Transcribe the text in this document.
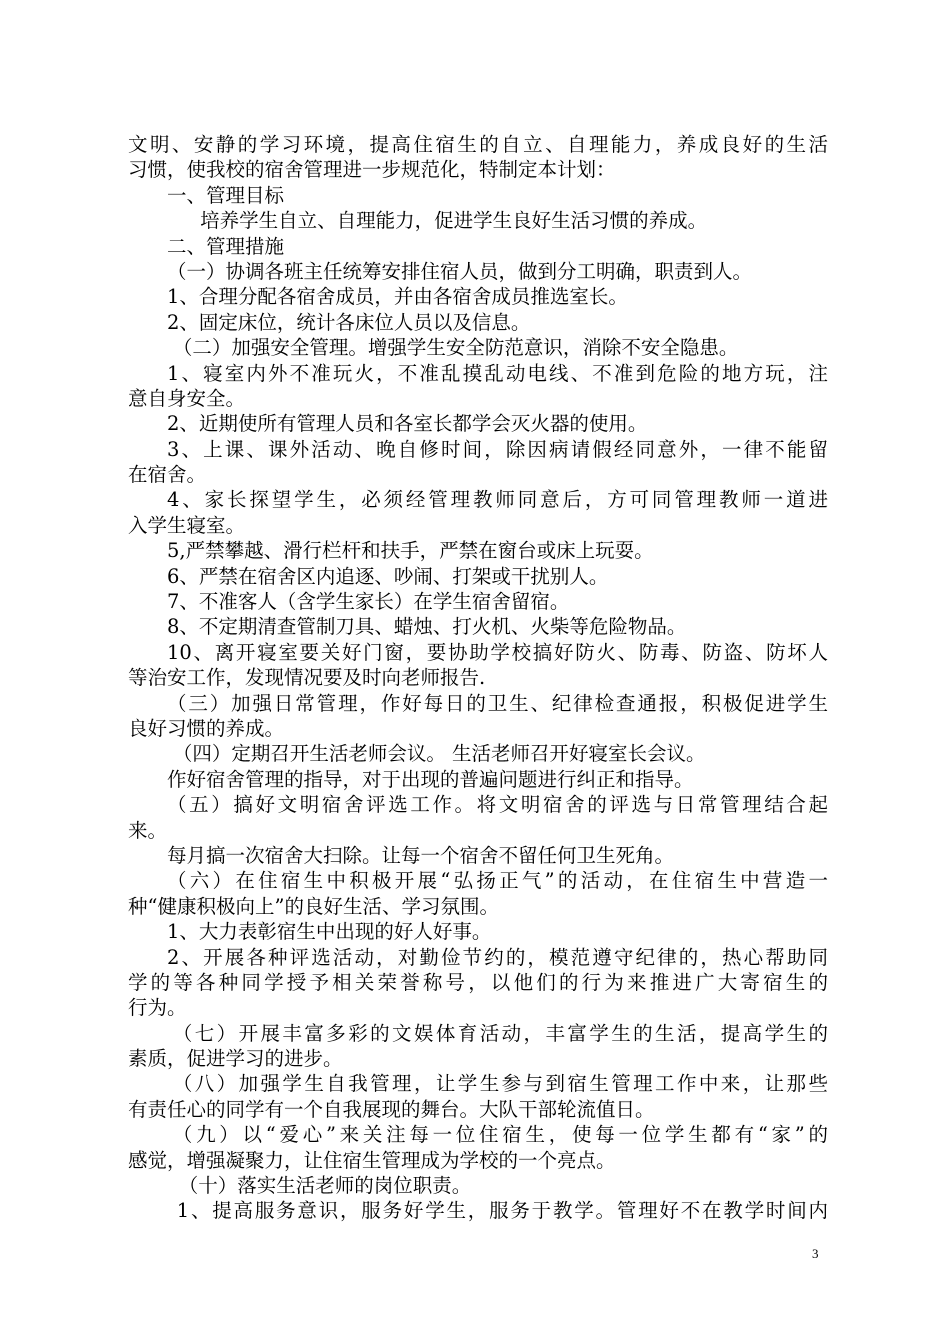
文明、安静的学习环境，提高住宿生的自立、自理能力，养成良好的生活
习惯，使我校的宿舍管理进一步规范化，特制定本计划：
一、管理目标
培养学生自立、自理能力，促进学生良好生活习惯的养成。
二、管理措施
（一）协调各班主任统筹安排住宿人员，做到分工明确，职责到人。
1、合理分配各宿舍成员，并由各宿舍成员推选室长。
2、固定床位，统计各床位人员以及信息。
（二）加强安全管理。增强学生安全防范意识，消除不安全隐患。
1、寝室内外不准玩火，不准乱摸乱动电线、不准到危险的地方玩，注
意自身安全。
2、近期使所有管理人员和各室长都学会灭火器的使用。
3、上课、课外活动、晚自修时间，除因病请假经同意外，一律不能留
在宿舍。
4、家长探望学生，必须经管理教师同意后，方可同管理教师一道进
入学生寝室。
5,严禁攀越、滑行栏杆和扶手，严禁在窗台或床上玩耍。
6、严禁在宿舍区内追逐、吵闹、打架或干扰别人。
7、不准客人（含学生家长）在学生宿舍留宿。
8、不定期清查管制刀具、蜡烛、打火机、火柴等危险物品。
10、离开寝室要关好门窗，要协助学校搞好防火、防毒、防盗、防坏人
等治安工作，发现情况要及时向老师报告.
（三）加强日常管理，作好每日的卫生、纪律检查通报，积极促进学生
良好习惯的养成。
（四）定期召开生活老师会议。 生活老师召开好寝室长会议。
作好宿舍管理的指导，对于出现的普遍问题进行纠正和指导。
（五）搞好文明宿舍评选工作。将文明宿舍的评选与日常管理结合起
来。
每月搞一次宿舍大扫除。让每一个宿舍不留任何卫生死角。
（六）在住宿生中积极开展“弘扬正气”的活动，在住宿生中营造一
种“健康积极向上”的良好生活、学习氛围。
1、大力表彰宿生中出现的好人好事。
2、开展各种评选活动，对勤俭节约的，模范遵守纪律的，热心帮助同
学的等各种同学授予相关荣誉称号，以他们的行为来推进广大寄宿生的
行为。
（七）开展丰富多彩的文娱体育活动，丰富学生的生活，提高学生的
素质，促进学习的进步。
（八）加强学生自我管理，让学生参与到宿生管理工作中来，让那些
有责任心的同学有一个自我展现的舞台。大队干部轮流值日。
（九）以“爱心”来关注每一位住宿生，使每一位学生都有“家”的
感觉，增强凝聚力，让住宿生管理成为学校的一个亮点。
（十）落实生活老师的岗位职责。
1、提高服务意识，服务好学生，服务于教学。管理好不在教学时间内
3
